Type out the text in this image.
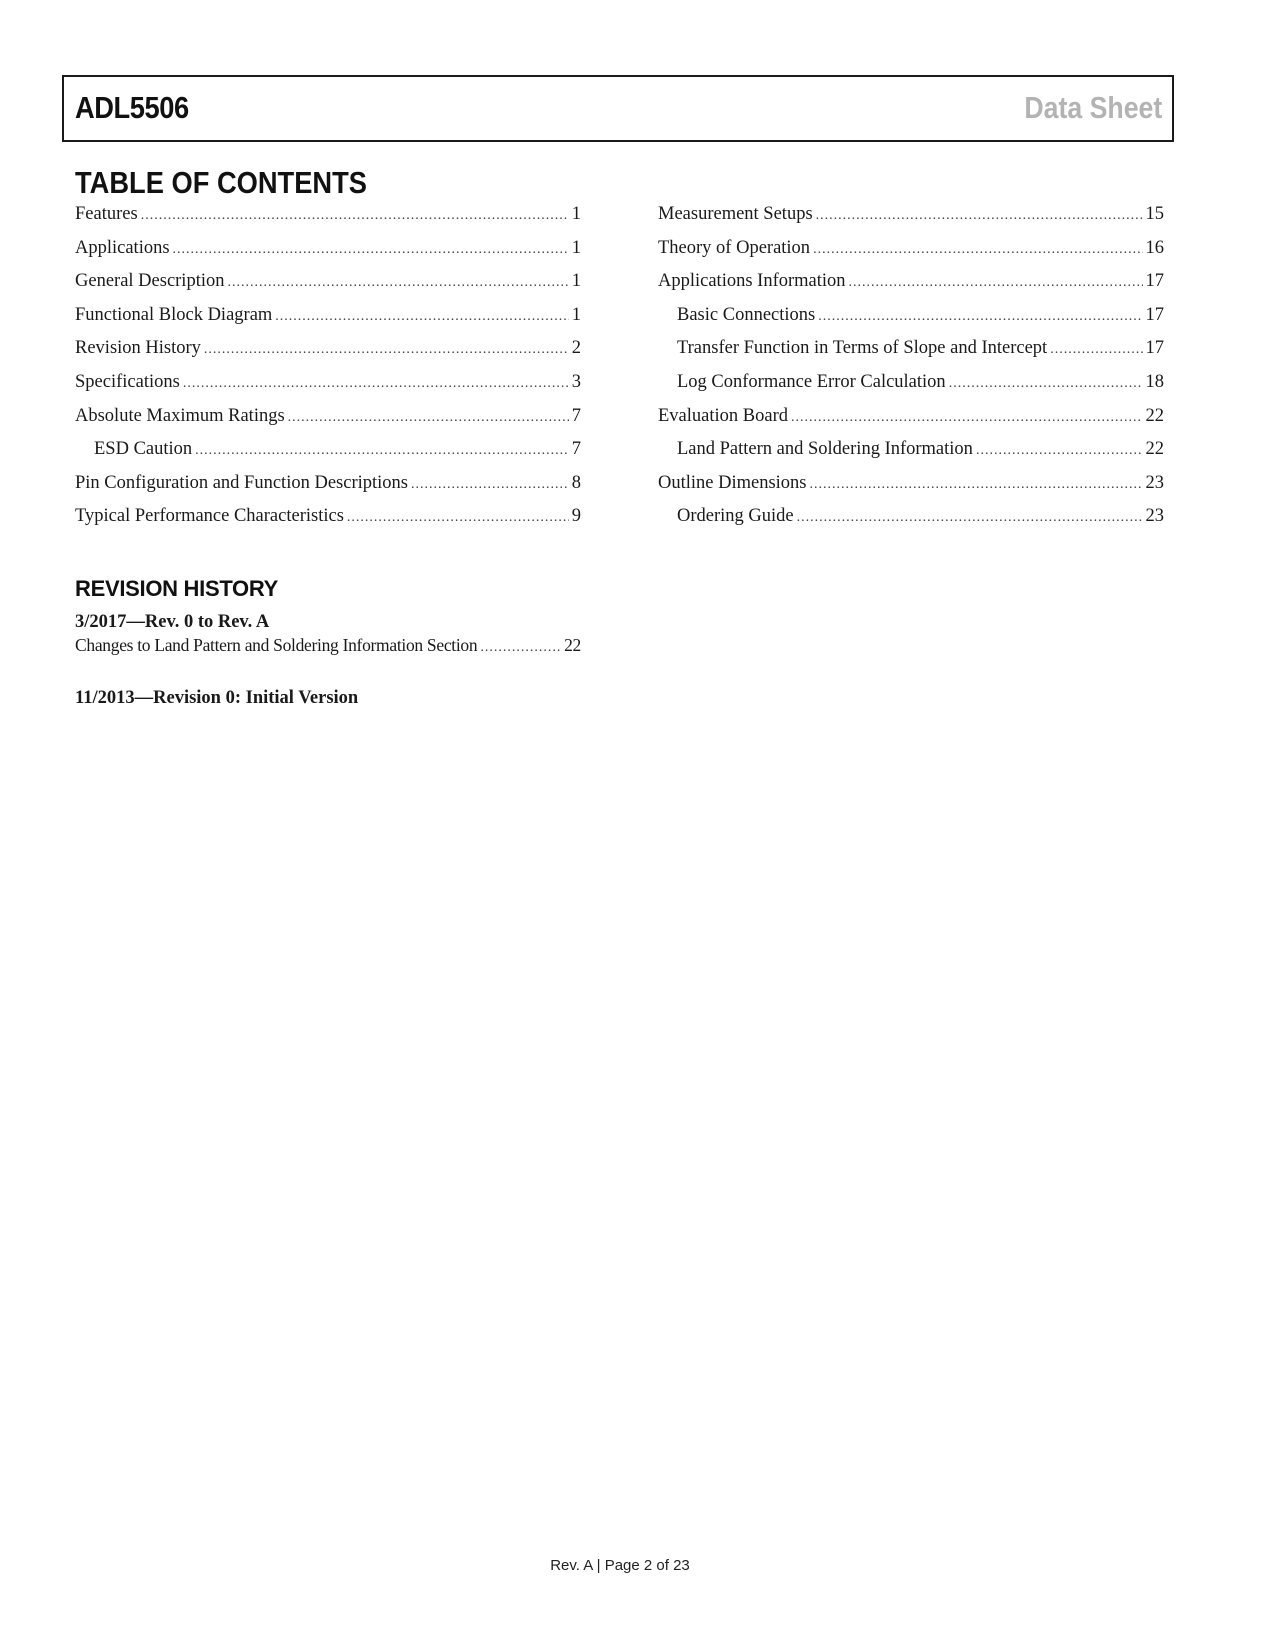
ADL5506	Data Sheet
TABLE OF CONTENTS
Features .....	1
Applications .....	1
General Description .....	1
Functional Block Diagram .....	1
Revision History .....	2
Specifications .....	3
Absolute Maximum Ratings .....	7
ESD Caution .....	7
Pin Configuration and Function Descriptions .....	8
Typical Performance Characteristics .....	9
Measurement Setups .....	15
Theory of Operation .....	16
Applications Information .....	17
Basic Connections .....	17
Transfer Function in Terms of Slope and Intercept .....	17
Log Conformance Error Calculation .....	18
Evaluation Board .....	22
Land Pattern and Soldering Information .....	22
Outline Dimensions .....	23
Ordering Guide .....	23
REVISION HISTORY
3/2017—Rev. 0 to Rev. A
Changes to Land Pattern and Soldering Information Section .....	22
11/2013—Revision 0: Initial Version
Rev. A | Page 2 of 23
